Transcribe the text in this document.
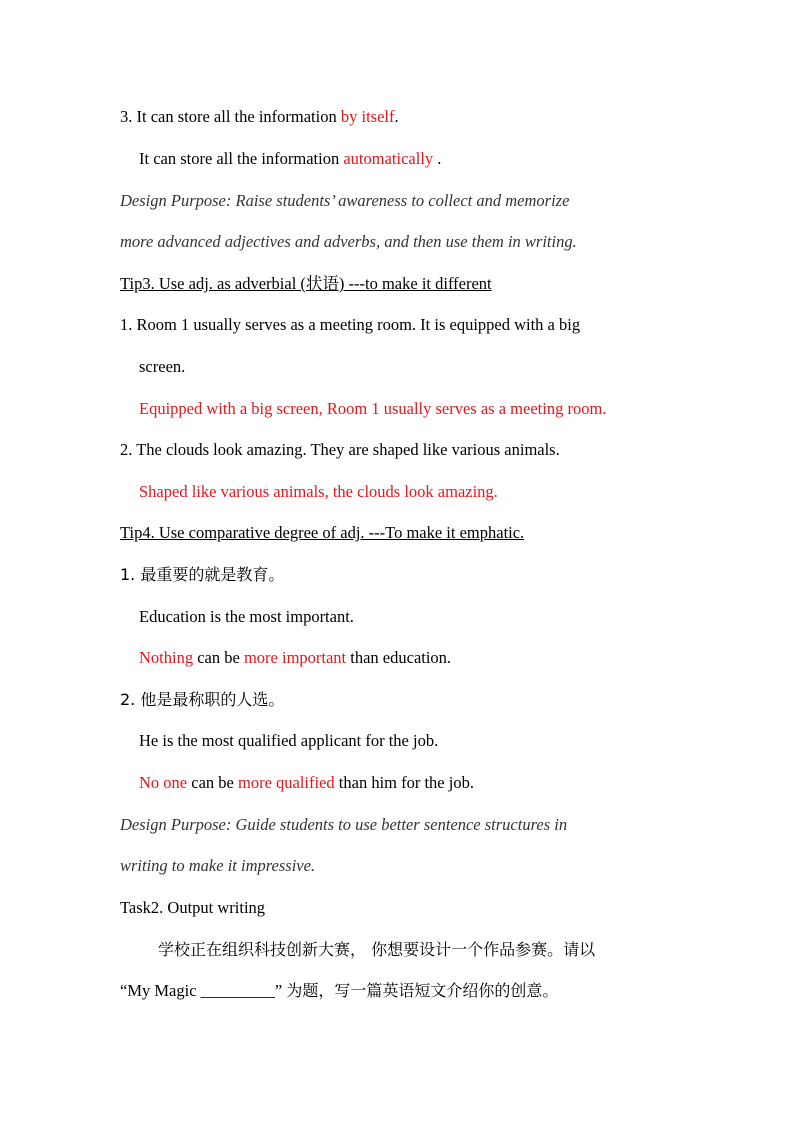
3. It can store all the information by itself.
It can store all the information automatically .
Design Purpose: Raise students’ awareness to collect and memorize
more advanced adjectives and adverbs, and then use them in writing.
Tip3. Use adj. as adverbial (状语) ---to make it different
1. Room 1 usually serves as a meeting room. It is equipped with a big
screen.
Equipped with a big screen, Room 1 usually serves as a meeting room.
2. The clouds look amazing. They are shaped like various animals.
Shaped like various animals, the clouds look amazing.
Tip4. Use comparative degree of adj. ---To make it emphatic.
1. 最重要的就是教育。
Education is the most important.
Nothing can be more important than education.
2. 他是最称职的人选。
He is the most qualified applicant for the job.
No one can be more qualified than him for the job.
Design Purpose: Guide students to use better sentence structures in
writing to make it impressive.
Task2. Output writing
学校正在组织科技创新大赛， 你想要设计一个作品参赛。请以
“My Magic _________” 为题，写一篇英语短文介绍你的创意。
